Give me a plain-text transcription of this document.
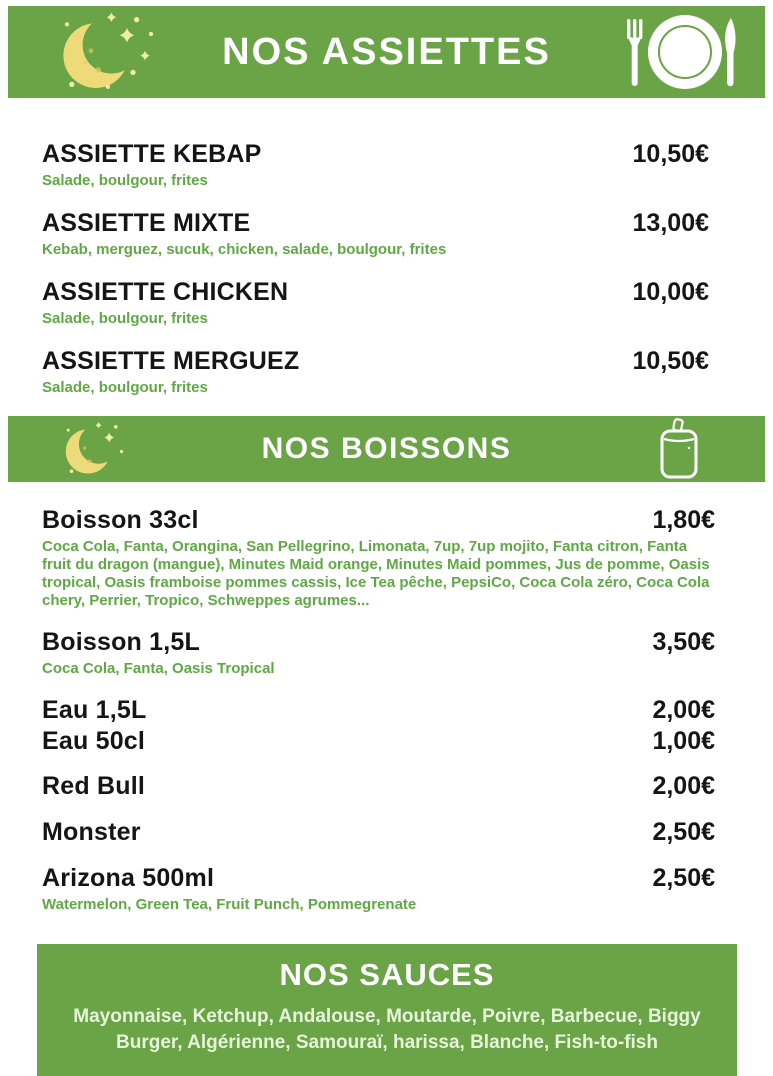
NOS ASSIETTES
ASSIETTE KEBAP	10,50€
Salade, boulgour, frites
ASSIETTE MIXTE	13,00€
Kebab, merguez, sucuk, chicken, salade, boulgour, frites
ASSIETTE CHICKEN	10,00€
Salade, boulgour, frites
ASSIETTE MERGUEZ	10,50€
Salade, boulgour, frites
NOS BOISSONS
Boisson 33cl	1,80€
Coca Cola, Fanta, Orangina, San Pellegrino, Limonata, 7up, 7up mojito, Fanta citron, Fanta fruit du dragon (mangue), Minutes Maid orange, Minutes Maid pommes, Jus de pomme, Oasis tropical, Oasis framboise pommes cassis, Ice Tea pêche, PepsiCo, Coca Cola zéro, Coca Cola chery, Perrier, Tropico, Schweppes agrumes...
Boisson 1,5L	3,50€
Coca Cola, Fanta, Oasis Tropical
Eau 1,5L	2,00€
Eau 50cl	1,00€
Red Bull	2,00€
Monster	2,50€
Arizona 500ml	2,50€
Watermelon, Green Tea, Fruit Punch, Pommegrenate
NOS SAUCES
Mayonnaise, Ketchup, Andalouse, Moutarde, Poivre, Barbecue, Biggy Burger, Algérienne, Samouraï, harissa, Blanche, Fish-to-fish
